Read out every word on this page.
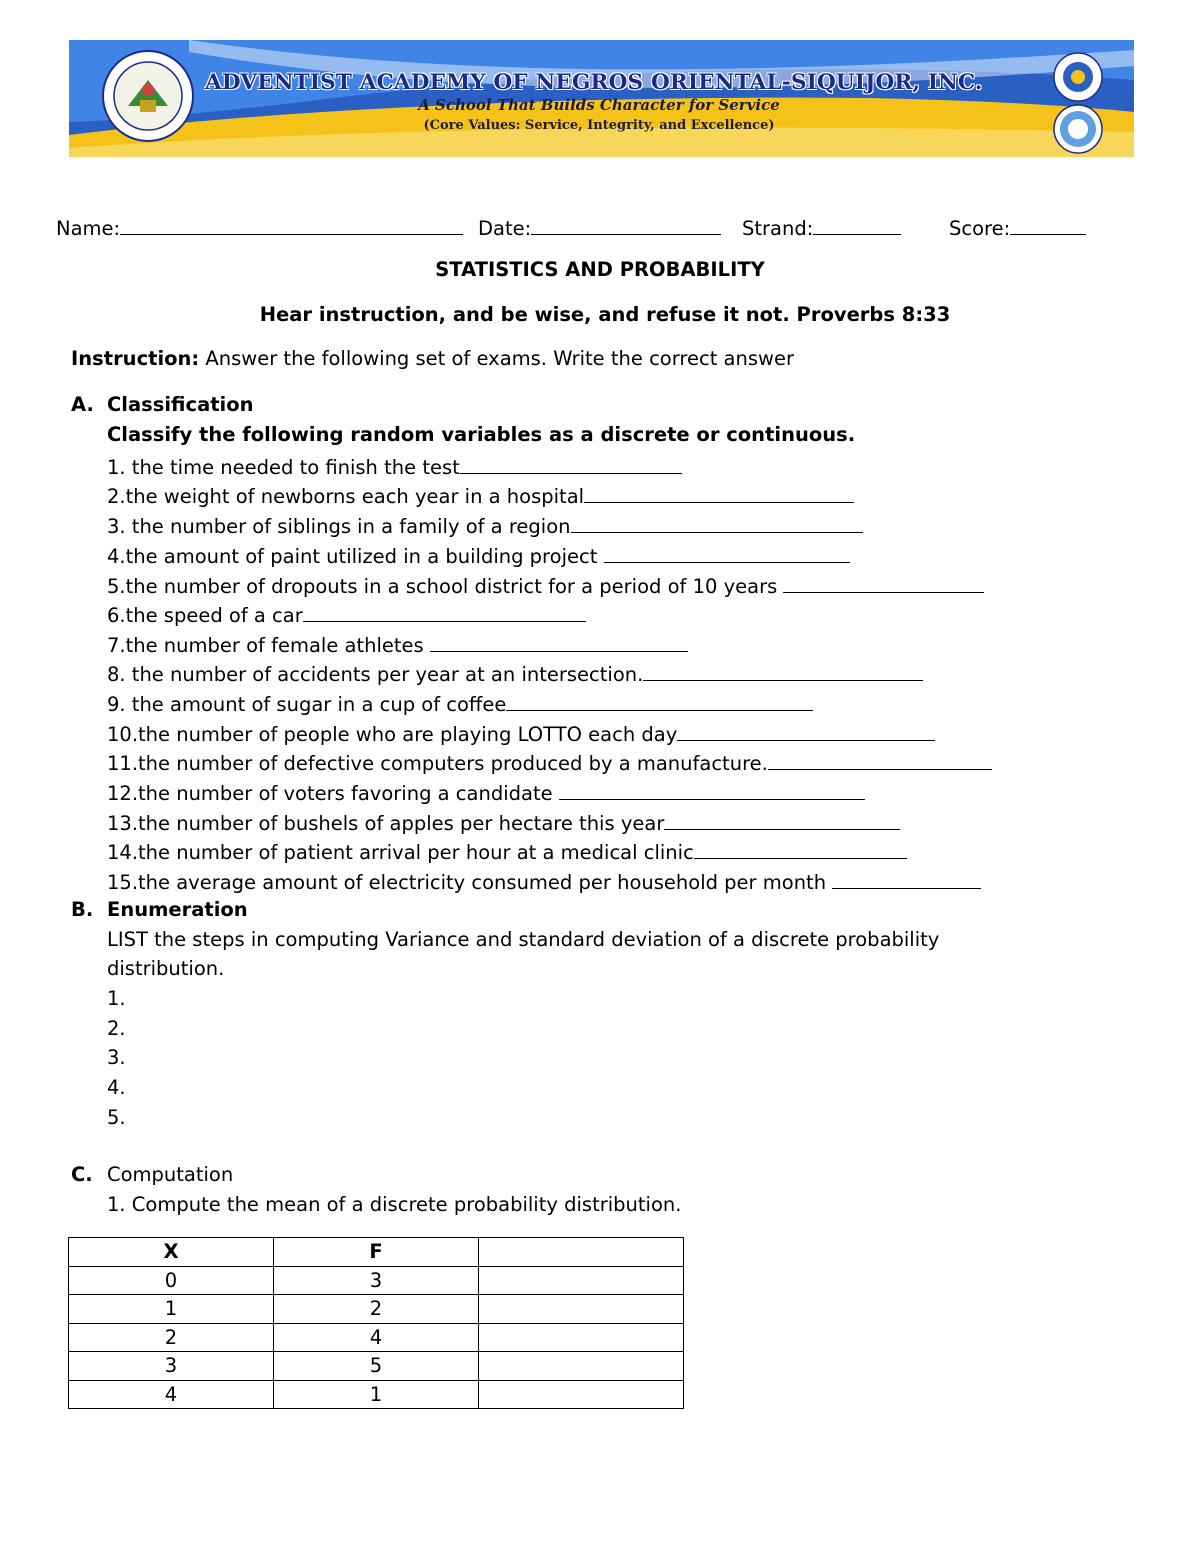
ADVENTIST ACADEMY OF NEGROS ORIENTAL-SIQUIJOR, INC.
A School That Builds Character for Service
(Core Values: Service, Integrity, and Excellence)
Name:	Date:	Strand:	Score:
STATISTICS AND PROBABILITY
Hear instruction, and be wise, and refuse it not. Proverbs 8:33
Instruction: Answer the following set of exams. Write the correct answer
A. Classification
Classify the following random variables as a discrete or continuous.
1. the time needed to finish the test
2.the weight of newborns each year in a hospital
3. the number of siblings in a family of a region
4.the amount of paint utilized in a building project
5.the number of dropouts in a school district for a period of 10 years
6.the speed of a car
7.the number of female athletes
8. the number of accidents per year at an intersection.
9. the amount of sugar in a cup of coffee
10.the number of people who are playing LOTTO each day
11.the number of defective computers produced by a manufacture.
12.the number of voters favoring a candidate
13.the number of bushels of apples per hectare this year
14.the number of patient arrival per hour at a medical clinic
15.the average amount of electricity consumed per household per month
B. Enumeration
LIST the steps in computing Variance and standard deviation of a discrete probability
distribution.
1.
2.
3.
4.
5.
C. Computation
1. Compute the mean of a discrete probability distribution.
X	F	
0	3	
1	2	
2	4	
3	5	
4	1	
